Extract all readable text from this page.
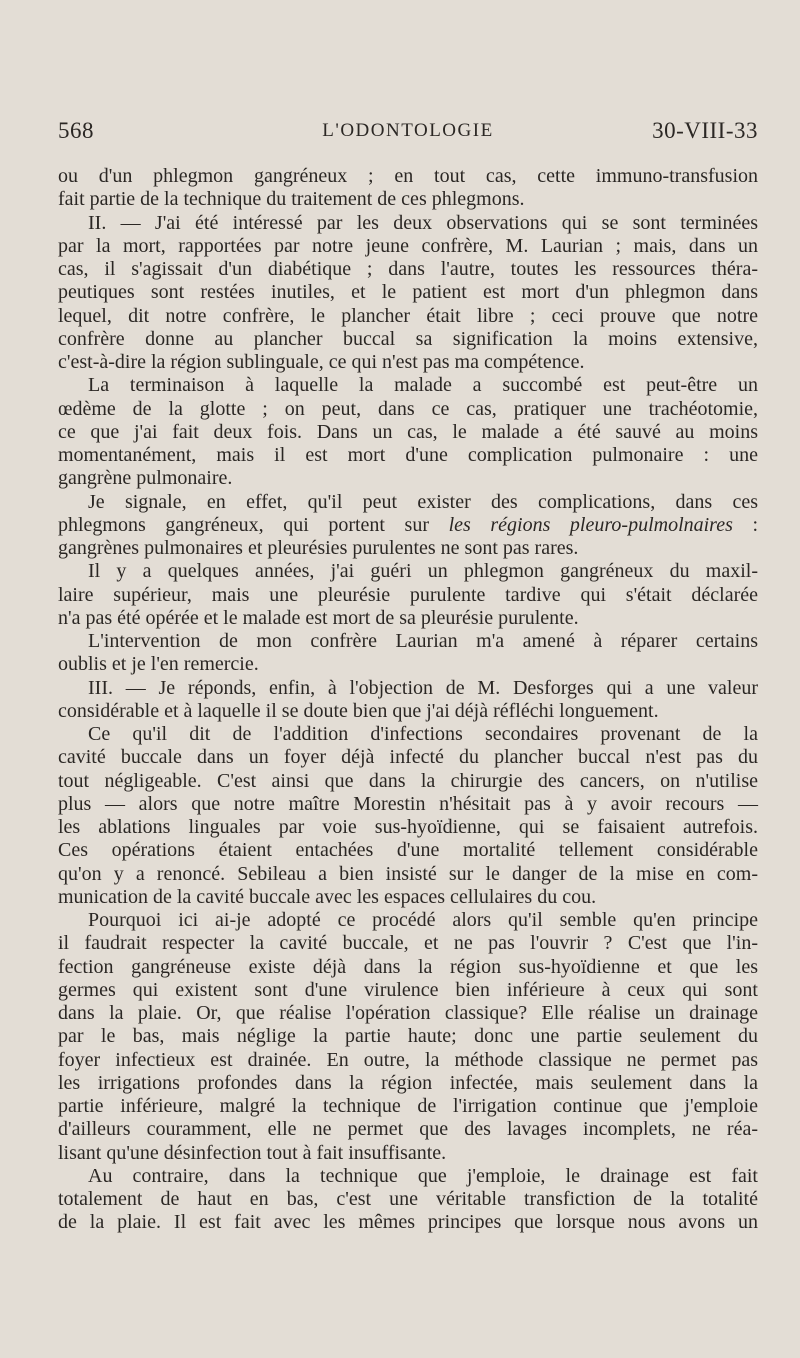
568	L'ODONTOLOGIE	30-VIII-33
ou d'un phlegmon gangréneux ; en tout cas, cette immuno-transfusion
fait partie de la technique du traitement de ces phlegmons.
II. — J'ai été intéressé par les deux observations qui se sont terminées
par la mort, rapportées par notre jeune confrère, M. Laurian ; mais, dans un
cas, il s'agissait d'un diabétique ; dans l'autre, toutes les ressources théra-
peutiques sont restées inutiles, et le patient est mort d'un phlegmon dans
lequel, dit notre confrère, le plancher était libre ; ceci prouve que notre
confrère donne au plancher buccal sa signification la moins extensive,
c'est-à-dire la région sublinguale, ce qui n'est pas ma compétence.
La terminaison à laquelle la malade a succombé est peut-être un
œdème de la glotte ; on peut, dans ce cas, pratiquer une trachéotomie,
ce que j'ai fait deux fois. Dans un cas, le malade a été sauvé au moins
momentanément, mais il est mort d'une complication pulmonaire : une
gangrène pulmonaire.
Je signale, en effet, qu'il peut exister des complications, dans ces
phlegmons gangréneux, qui portent sur les régions pleuro-pulmolnaires :
gangrènes pulmonaires et pleurésies purulentes ne sont pas rares.
Il y a quelques années, j'ai guéri un phlegmon gangréneux du maxil-
laire supérieur, mais une pleurésie purulente tardive qui s'était déclarée
n'a pas été opérée et le malade est mort de sa pleurésie purulente.
L'intervention de mon confrère Laurian m'a amené à réparer certains
oublis et je l'en remercie.
III. — Je réponds, enfin, à l'objection de M. Desforges qui a une valeur
considérable et à laquelle il se doute bien que j'ai déjà réfléchi longuement.
Ce qu'il dit de l'addition d'infections secondaires provenant de la
cavité buccale dans un foyer déjà infecté du plancher buccal n'est pas du
tout négligeable. C'est ainsi que dans la chirurgie des cancers, on n'utilise
plus — alors que notre maître Morestin n'hésitait pas à y avoir recours —
les ablations linguales par voie sus-hyoïdienne, qui se faisaient autrefois.
Ces opérations étaient entachées d'une mortalité tellement considérable
qu'on y a renoncé. Sebileau a bien insisté sur le danger de la mise en com-
munication de la cavité buccale avec les espaces cellulaires du cou.
Pourquoi ici ai-je adopté ce procédé alors qu'il semble qu'en principe
il faudrait respecter la cavité buccale, et ne pas l'ouvrir ? C'est que l'in-
fection gangréneuse existe déjà dans la région sus-hyoïdienne et que les
germes qui existent sont d'une virulence bien inférieure à ceux qui sont
dans la plaie. Or, que réalise l'opération classique? Elle réalise un drainage
par le bas, mais néglige la partie haute; donc une partie seulement du
foyer infectieux est drainée. En outre, la méthode classique ne permet pas
les irrigations profondes dans la région infectée, mais seulement dans la
partie inférieure, malgré la technique de l'irrigation continue que j'emploie
d'ailleurs couramment, elle ne permet que des lavages incomplets, ne réa-
lisant qu'une désinfection tout à fait insuffisante.
Au contraire, dans la technique que j'emploie, le drainage est fait
totalement de haut en bas, c'est une véritable transfiction de la totalité
de la plaie. Il est fait avec les mêmes principes que lorsque nous avons un
